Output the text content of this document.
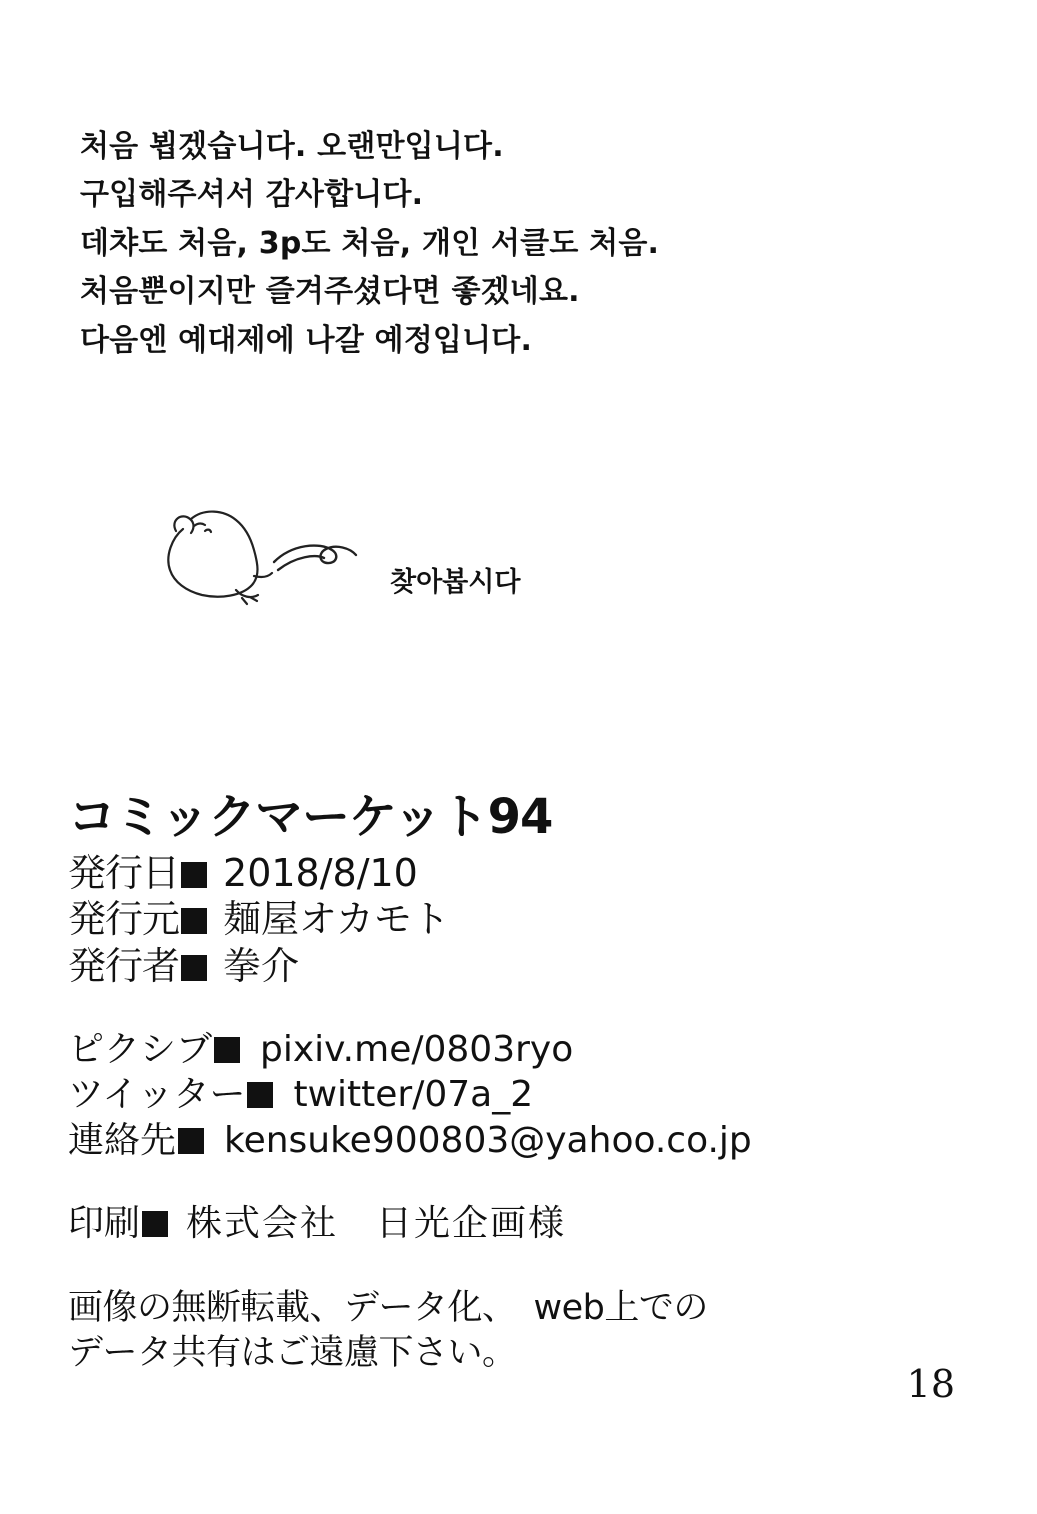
처음 뵙겠습니다. 오랜만입니다.

구입해주셔서 감사합니다.

데챠도 처음, 3p도 처음, 개인 서클도 처음.

처음뿐이지만 즐겨주셨다면 좋겠네요.

다음엔 예대제에 나갈 예정입니다.

찾아봅시다
コミックマーケット94
発行日 2018/8/10
発行元 麺屋オカモト
発行者 拳介
ピクシブ pixiv.me/0803ryo
ツイッター twitter/07a_2
連絡先 kensuke900803@yahoo.co.jp
印刷 株式会社　日光企画様
画像の無断転載、データ化、　web上での
データ共有はご遠慮下さい。
18
